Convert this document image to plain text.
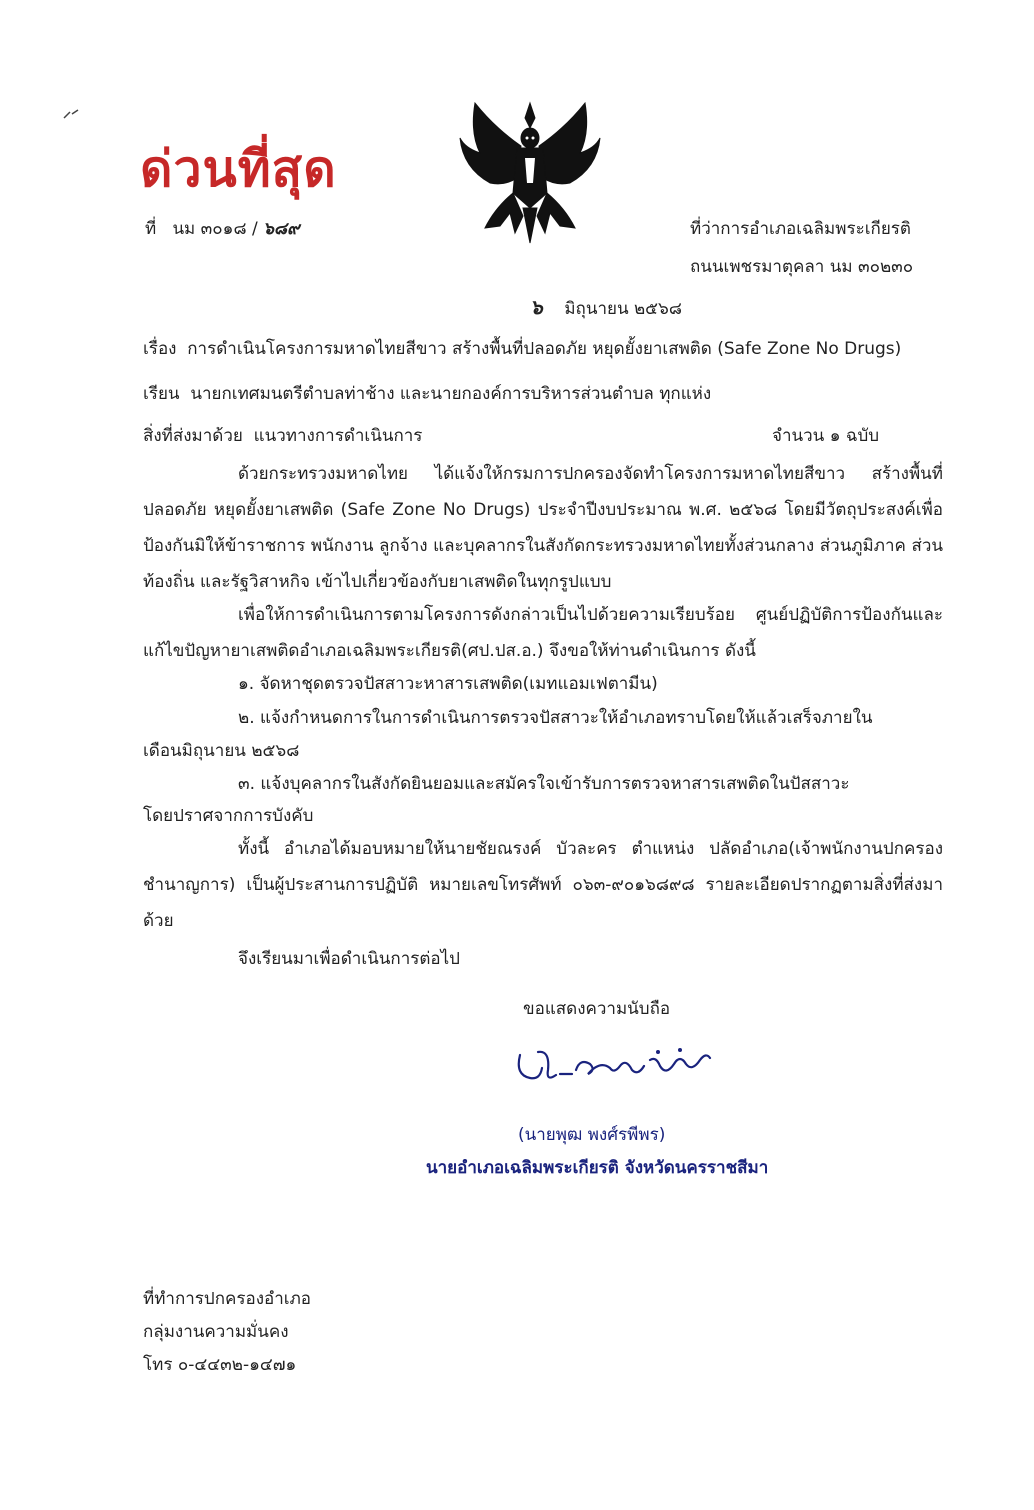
ด่วนที่สุด
ที่ นม ๓๐๑๘ / ๖๘๙	ที่ว่าการอำเภอเฉลิมพระเกียรติ
ถนนเพชรมาตุคลา นม ๓๐๒๓๐
๖ มิถุนายน ๒๕๖๘
เรื่อง การดำเนินโครงการมหาดไทยสีขาว สร้างพื้นที่ปลอดภัย หยุดยั้งยาเสพติด (Safe Zone No Drugs)
เรียน นายกเทศมนตรีตำบลท่าช้าง และนายกองค์การบริหารส่วนตำบล ทุกแห่ง
สิ่งที่ส่งมาด้วย แนวทางการดำเนินการ	จำนวน ๑ ฉบับ
ด้วยกระทรวงมหาดไทย ได้แจ้งให้กรมการปกครองจัดทำโครงการมหาดไทยสีขาว สร้างพื้นที่ปลอดภัย หยุดยั้งยาเสพติด (Safe Zone No Drugs) ประจำปีงบประมาณ พ.ศ. ๒๕๖๘ โดยมีวัตถุประสงค์เพื่อป้องกันมิให้ข้าราชการ พนักงาน ลูกจ้าง และบุคลากรในสังกัดกระทรวงมหาดไทยทั้งส่วนกลาง ส่วนภูมิภาค ส่วนท้องถิ่น และรัฐวิสาหกิจ เข้าไปเกี่ยวข้องกับยาเสพติดในทุกรูปแบบ
เพื่อให้การดำเนินการตามโครงการดังกล่าวเป็นไปด้วยความเรียบร้อย ศูนย์ปฏิบัติการป้องกันและแก้ไขปัญหายาเสพติดอำเภอเฉลิมพระเกียรติ(ศป.ปส.อ.) จึงขอให้ท่านดำเนินการ ดังนี้
๑. จัดหาชุดตรวจปัสสาวะหาสารเสพติด(เมทแอมเฟตามีน)
๒. แจ้งกำหนดการในการดำเนินการตรวจปัสสาวะให้อำเภอทราบโดยให้แล้วเสร็จภายใน
เดือนมิถุนายน ๒๕๖๘
๓. แจ้งบุคลากรในสังกัดยินยอมและสมัครใจเข้ารับการตรวจหาสารเสพติดในปัสสาวะ
โดยปราศจากการบังคับ
ทั้งนี้ อำเภอได้มอบหมายให้นายชัยณรงค์ บัวละคร ตำแหน่ง ปลัดอำเภอ(เจ้าพนักงานปกครองชำนาญการ) เป็นผู้ประสานการปฏิบัติ หมายเลขโทรศัพท์ ๐๖๓-๙๐๑๖๘๙๘ รายละเอียดปรากฏตามสิ่งที่ส่งมาด้วย
จึงเรียนมาเพื่อดำเนินการต่อไป
ขอแสดงความนับถือ
(นายพุฒ พงศ์รพีพร)
นายอำเภอเฉลิมพระเกียรติ จังหวัดนครราชสีมา
ที่ทำการปกครองอำเภอ
กลุ่มงานความมั่นคง
โทร ๐-๔๔๓๒-๑๔๗๑
